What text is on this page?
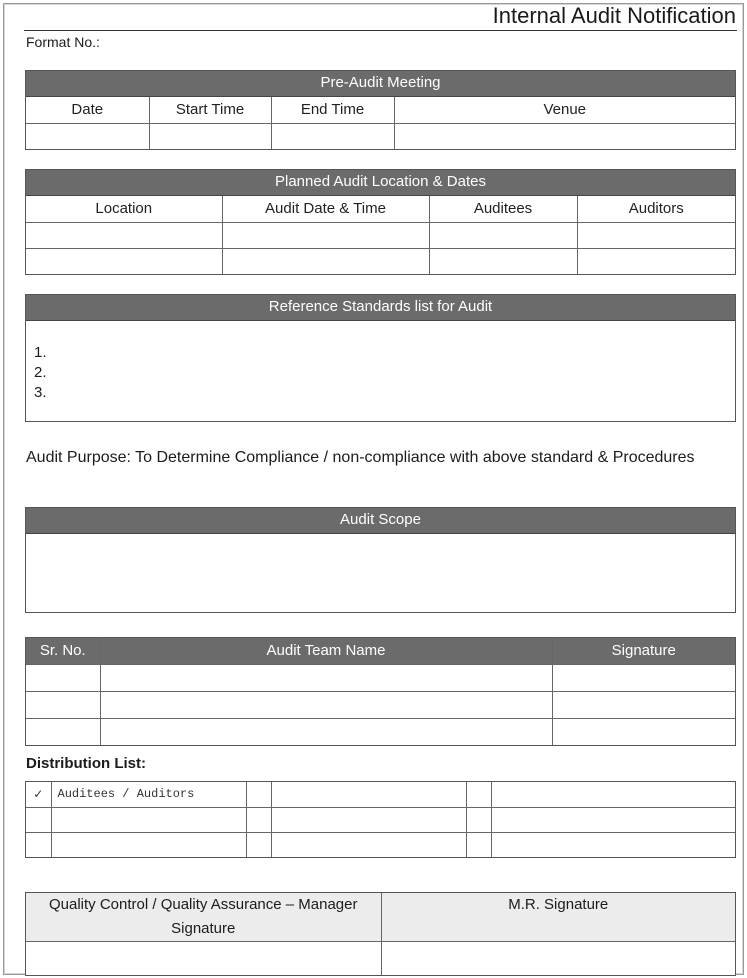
Internal Audit Notification
Format No.:
Pre-Audit Meeting
Date	Start Time	End Time	Venue

Planned Audit Location & Dates
Location	Audit Date & Time	Auditees	Auditors

Reference Standards list for Audit
1.
2.
3.
Audit Purpose: To Determine Compliance / non-compliance with above standard & Procedures
Audit Scope
Sr. No.	Audit Team Name	Signature

Distribution List:
✓	Auditees / Auditors				

Quality Control / Quality Assurance – Manager Signature	M.R. Signature
